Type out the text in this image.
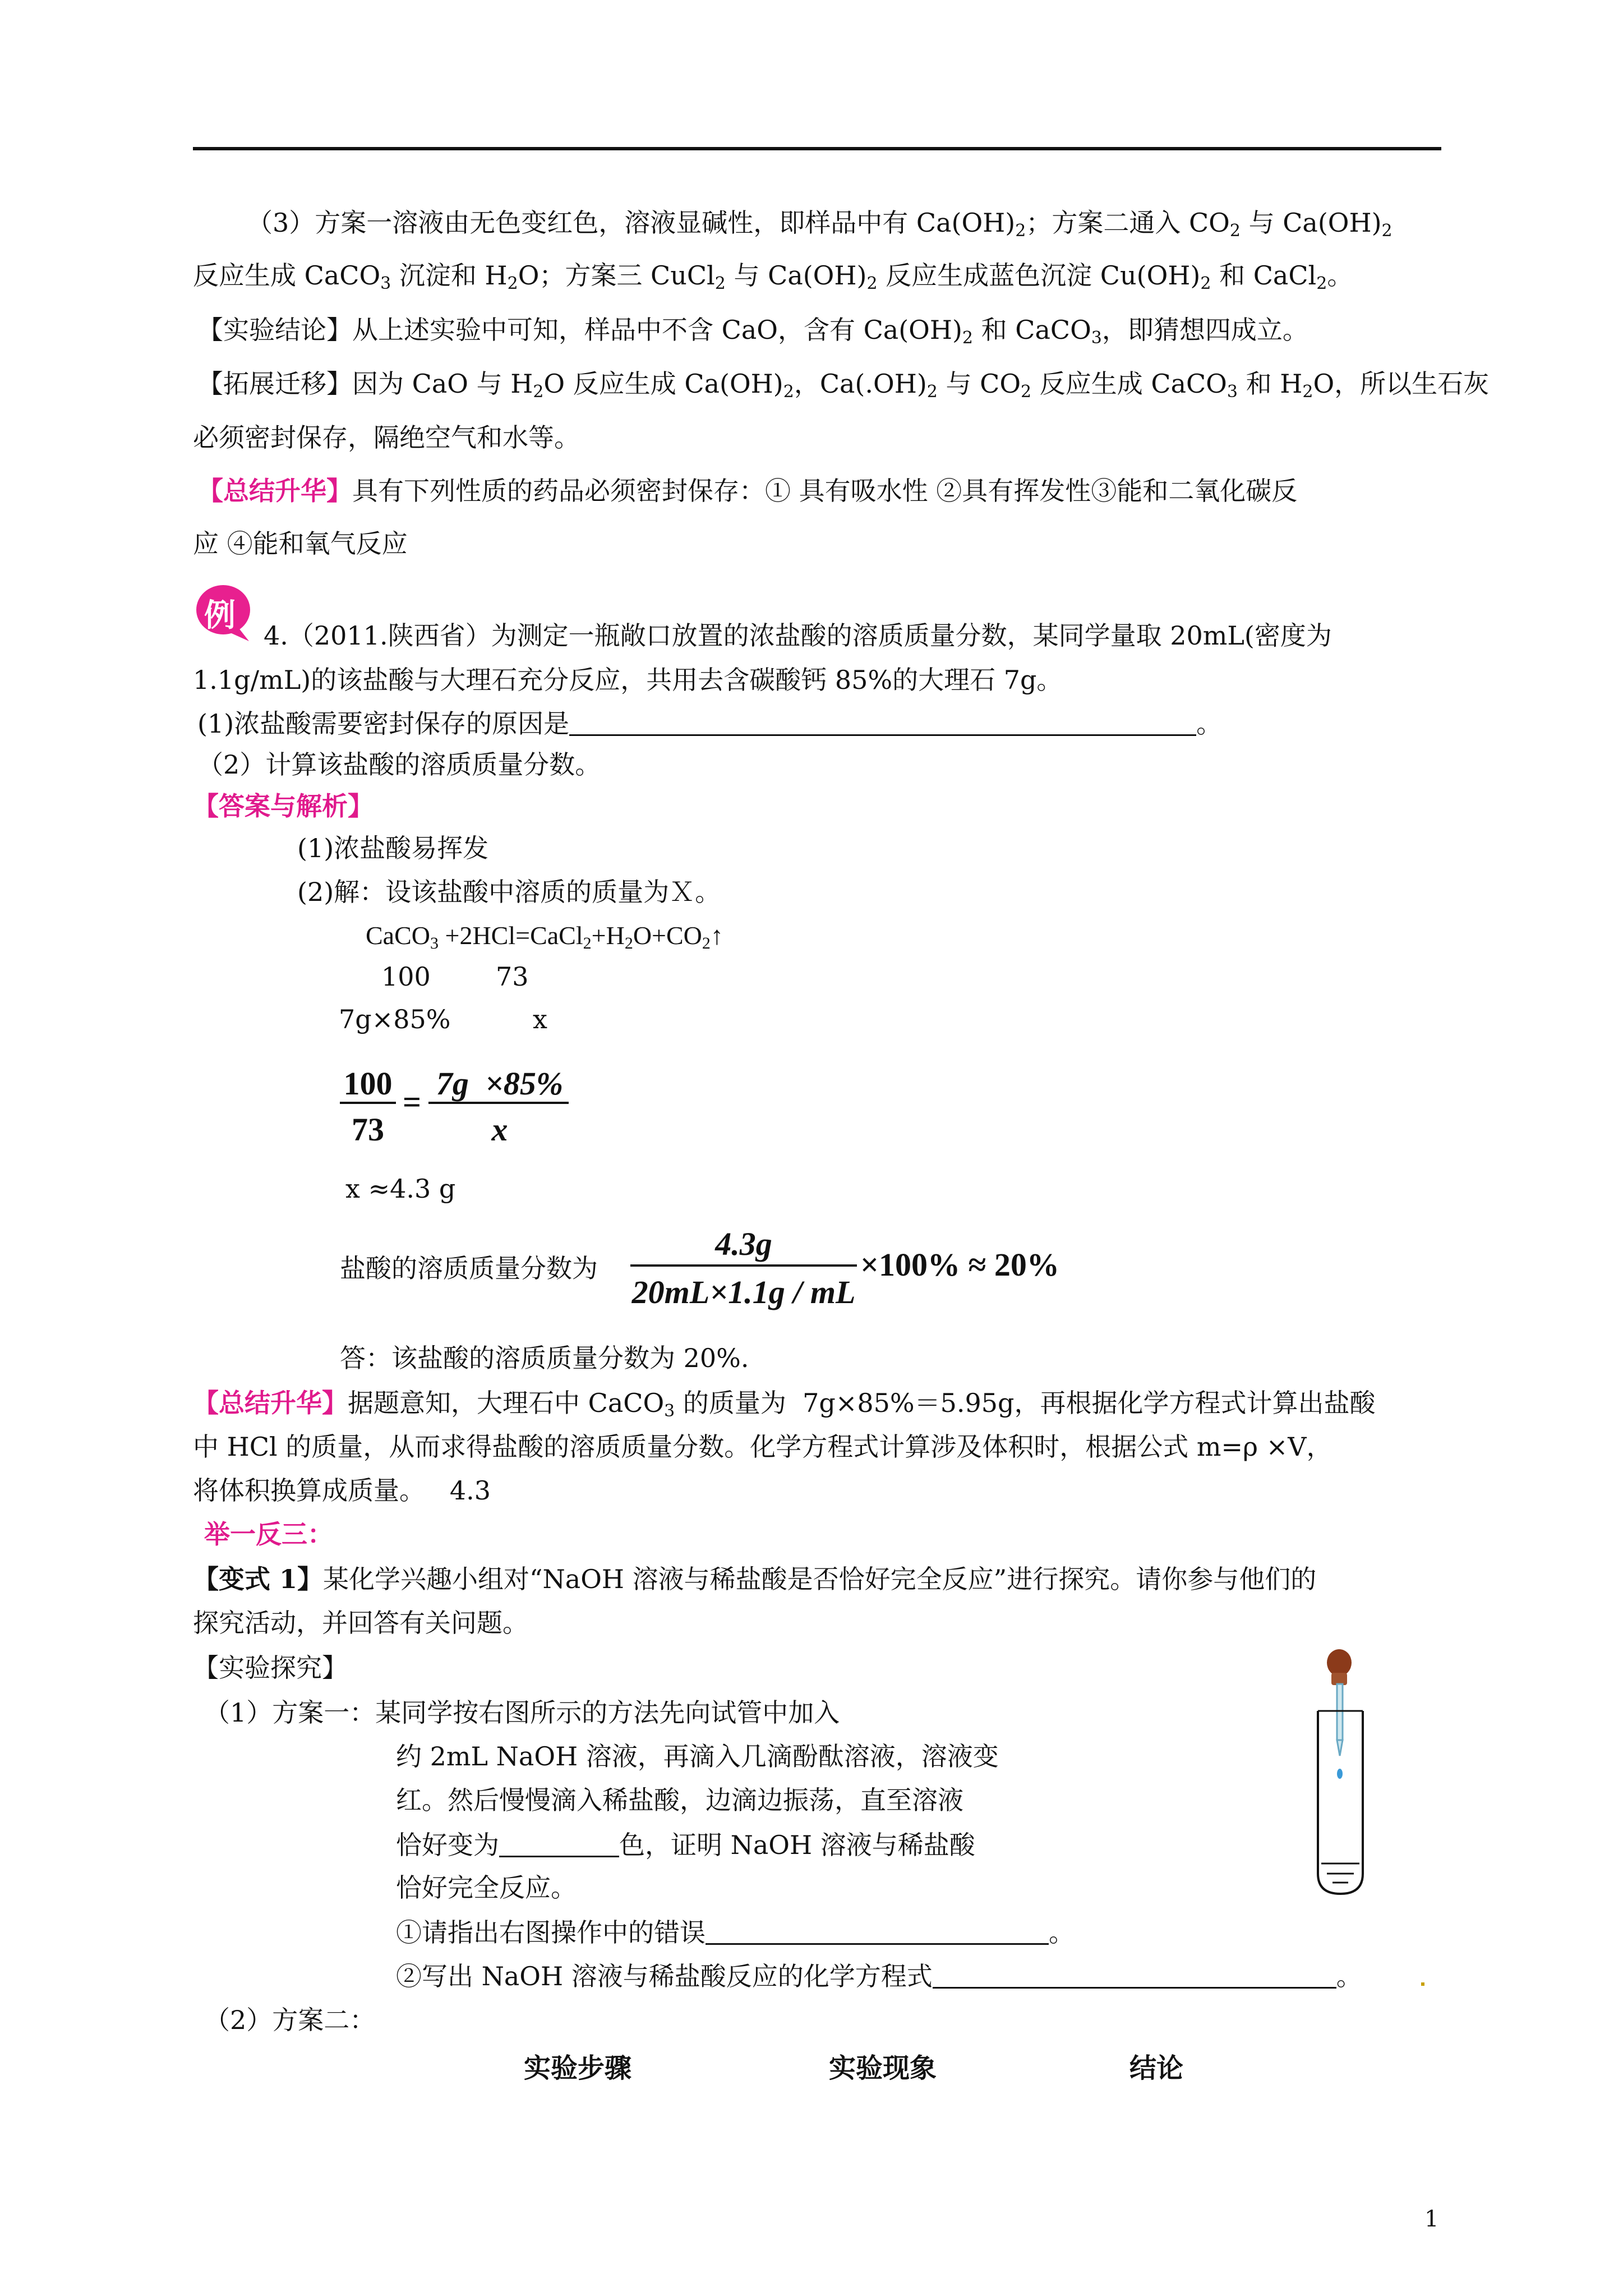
（3）方案一溶液由无色变红色，溶液显碱性，即样品中有 $Ca(OH)_2$；方案二通入 $CO_2$ 与 $Ca(OH)_2$
反应生成 CaCO$_3$ 沉淀和 $H_2O$；方案三 CuCl$_2$ 与 $Ca(OH)_2$ 反应生成蓝色沉淀 $Cu(OH)_2$ 和 CaCl$_2$。
【实验结论】从上述实验中可知，样品中不含 CaO，含有 $Ca(OH)_2$ 和 CaCO$_3$，即猜想四成立。
【拓展迁移】因为 CaO 与 $H_2O$ 反应生成 $Ca(OH)_2$，$Ca(.OH)_2$ 与 $CO_2$ 反应生成 CaCO$_3$ 和 $H_2O$，所以生石灰
必须密封保存，隔绝空气和水等。
【总结升华】具有下列性质的药品必须密封保存：① 具有吸水性 ②具有挥发性③能和二氧化碳反
应 ④能和氧气反应
例
4.（2011.陕西省）为测定一瓶敞口放置的浓盐酸的溶质质量分数，某同学量取 20mL(密度为
1.1g/mL)的该盐酸与大理石充分反应，共用去含碳酸钙 85%的大理石 7g。
(1)浓盐酸需要密封保存的原因是	。
（2）计算该盐酸的溶质质量分数。
【答案与解析】
(1)浓盐酸易挥发
(2)解：设该盐酸中溶质的质量为Ｘ。
CaCO$_3$ $+2HCl=CaCl_2+H_2O+CO_2↑$
100	73
7g×85%	x
100
73
=
7g  ×85%
x
x ≈4.3 g
盐酸的溶质质量分数为
4.3g
20mL×1.1g / mL
×100% ≈ 20%
答：该盐酸的溶质质量分数为 20%.
【总结升华】据题意知，大理石中 CaCO$_3$ 的质量为  7g×85%＝5.95g，再根据化学方程式计算出盐酸
中 HCl 的质量，从而求得盐酸的溶质质量分数。化学方程式计算涉及体积时，根据公式 m=ρ ×V，
将体积换算成质量。   4.3
举一反三：
【变式 1】某化学兴趣小组对“NaOH 溶液与稀盐酸是否恰好完全反应”进行探究。请你参与他们的
探究活动，并回答有关问题。
【实验探究】
（1）方案一：某同学按右图所示的方法先向试管中加入
约 2mL NaOH 溶液，再滴入几滴酚酞溶液，溶液变
红。然后慢慢滴入稀盐酸，边滴边振荡，直至溶液
恰好变为	色，证明 NaOH 溶液与稀盐酸
恰好完全反应。
①请指出右图操作中的错误	。
②写出 NaOH 溶液与稀盐酸反应的化学方程式	。
（2）方案二：
实验步骤	实验现象	结论
1
